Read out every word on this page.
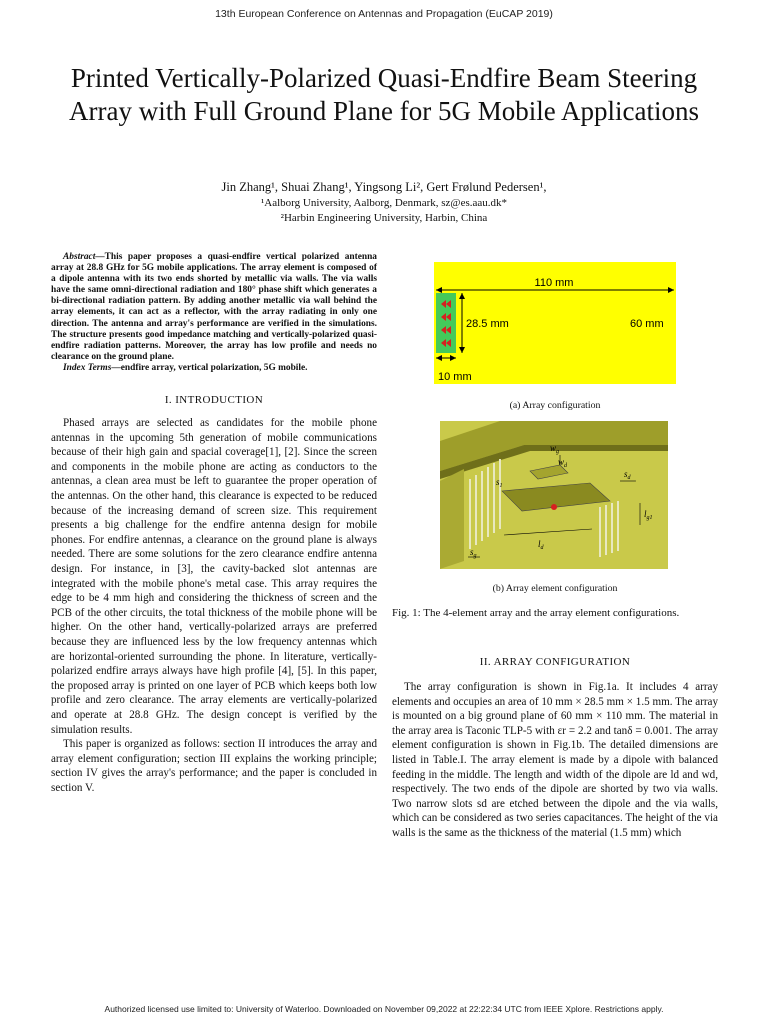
13th European Conference on Antennas and Propagation (EuCAP 2019)
Printed Vertically-Polarized Quasi-Endfire Beam Steering Array with Full Ground Plane for 5G Mobile Applications
Jin Zhang¹, Shuai Zhang¹, Yingsong Li², Gert Frølund Pedersen¹,
¹Aalborg University, Aalborg, Denmark, sz@es.aau.dk*
²Harbin Engineering University, Harbin, China

Abstract—This paper proposes a quasi-endfire vertical polarized antenna array at 28.8 GHz for 5G mobile applications. The array element is composed of a dipole antenna with its two ends shorted by metallic via walls. The via walls have the same omni-directional radiation and 180° phase shift which generates a bi-directional radiation pattern. By adding another metallic via wall behind the array elements, it can act as a reflector, with the array radiating in only one direction. The antenna and array's performance are verified in the simulations. The structure presents good impedance matching and vertically-polarized quasi-endfire radiation patterns. Moreover, the array has low profile and needs no clearance on the ground plane.

Index Terms—endfire array, vertical polarization, 5G mobile.

I. INTRODUCTION

Phased arrays are selected as candidates for the mobile phone antennas in the upcoming 5th generation of mobile communications because of their high gain and spacial coverage[1], [2]. Since the screen and components in the mobile phone are acting as conductors to the antennas, a clean area must be left to guarantee the proper operation of the antennas. On the other hand, this clearance is expected to be reduced because of the increasing demand of screen size. This requirement presents a big challenge for the endfire antenna design for mobile phones. For endfire antennas, a clearance on the ground plane is always needed. There are some solutions for the zero clearance endfire antenna design. For instance, in [3], the cavity-backed slot antennas are integrated with the mobile phone's metal case. This array requires the edge to be 4 mm high and considering the thickness of screen and the PCB of the other circuits, the total thickness of the mobile phone will be higher. On the other hand, vertically-polarized arrays are preferred because they are influenced less by the low frequency antennas which are horizontal-oriented surrounding the phone. In literature, vertically-polarized endfire arrays always have high profile [4], [5]. In this paper, the proposed array is printed on one layer of PCB which keeps both low profile and zero clearance. The array elements are vertically-polarized and operate at 28.8 GHz. The design concept is verified by the simulation results.

This paper is organized as follows: section II introduces the array and array element configuration; section III explains the working principle; section IV gives the array's performance; and the paper is concluded in section V.

110 mm
28.5 mm	60 mm
10 mm
(a) Array configuration
$l_d$
$w_g$
$w_d$
$s_d$
$l_{g1}$
$s_g$
$s_1$
(b) Array element configuration

Fig. 1: The 4-element array and the array element configurations.

II. ARRAY CONFIGURATION

The array configuration is shown in Fig.1a. It includes 4 array elements and occupies an area of 10 mm × 28.5 mm × 1.5 mm. The array is mounted on a big ground plane of 60 mm × 110 mm. The material in the array area is Taconic TLP-5 with εr = 2.2 and tanδ = 0.001. The array element configuration is shown in Fig.1b. The detailed dimensions are listed in Table.I. The array element is made by a dipole with balanced feeding in the middle. The length and width of the dipole are ld and wd, respectively. The two ends of the dipole are shorted by two via walls. Two narrow slots sd are etched between the dipole and the via walls, which can be considered as two series capacitances. The height of the via walls is the same as the thickness of the material (1.5 mm) which

Authorized licensed use limited to: University of Waterloo. Downloaded on November 09,2022 at 22:22:34 UTC from IEEE Xplore. Restrictions apply.
